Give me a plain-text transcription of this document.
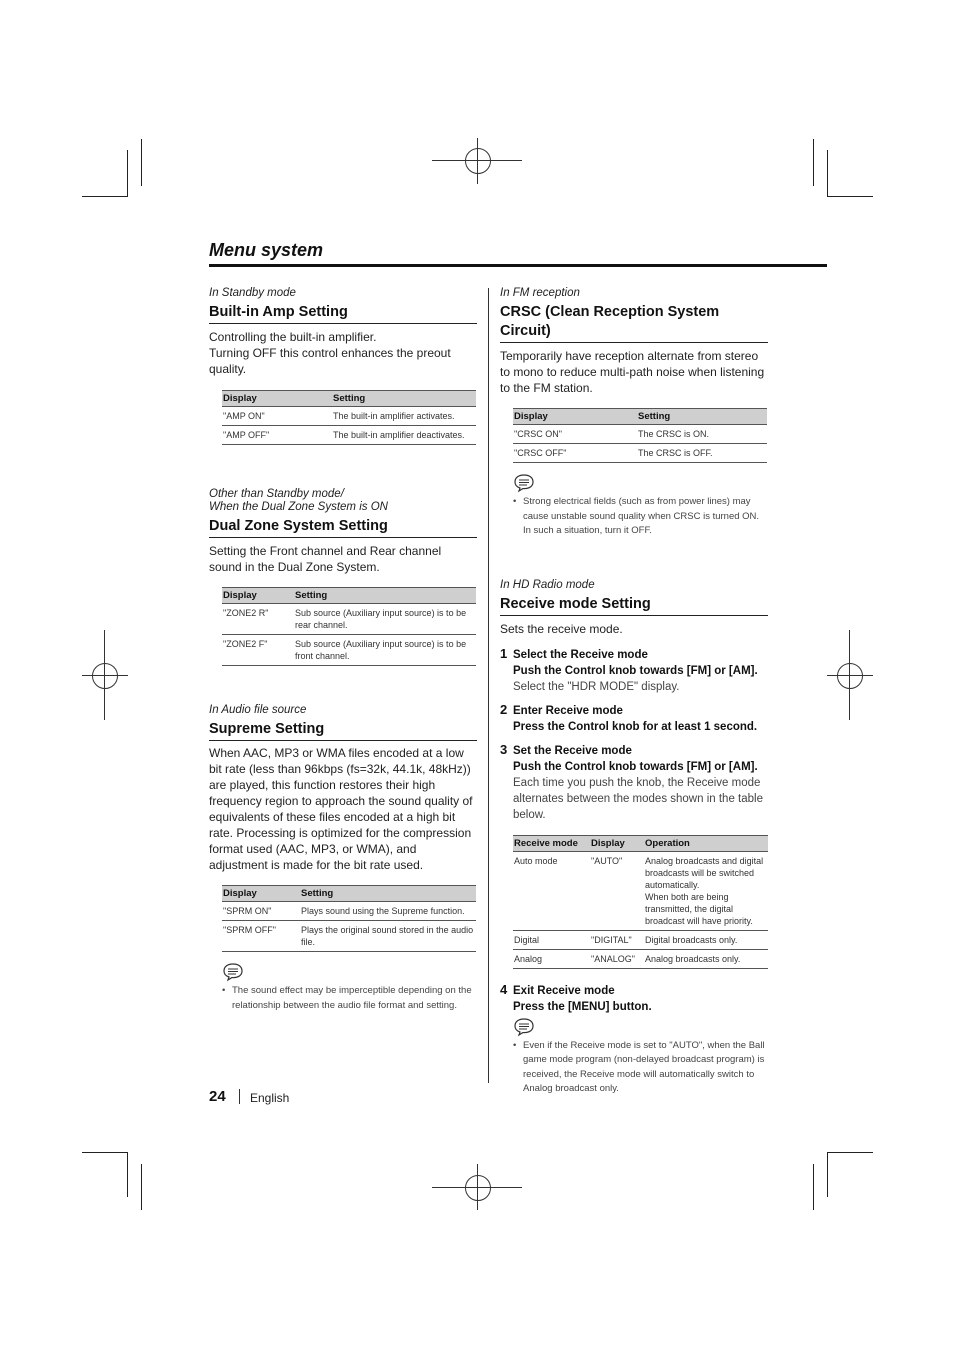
Menu system
In Standby mode
Built-in Amp Setting
Controlling the built-in amplifier.
Turning OFF this control enhances the preout quality.
Display	Setting
"AMP ON"	The built-in amplifier activates.
"AMP OFF"	The built-in amplifier deactivates.
Other than Standby mode/
When the Dual Zone System is ON
Dual Zone System Setting
Setting the Front channel and Rear channel sound in the Dual Zone System.
Display	Setting
"ZONE2 R"	Sub source (Auxiliary input source) is to be rear channel.
"ZONE2 F"	Sub source (Auxiliary input source) is to be front channel.
In Audio file source
Supreme Setting
When AAC, MP3 or WMA files encoded at a low bit rate (less than 96kbps (fs=32k, 44.1k, 48kHz)) are played, this function restores their high frequency region to approach the sound quality of equivalents of these files encoded at a high bit rate. Processing is optimized for the compression format used (AAC, MP3, or WMA), and adjustment is made for the bit rate used.
Display	Setting
"SPRM ON"	Plays sound using the Supreme function.
"SPRM OFF"	Plays the original sound stored in the audio file.
• The sound effect may be imperceptible depending on the relationship between the audio file format and setting.
In FM reception
CRSC (Clean Reception System Circuit)
Temporarily have reception alternate from stereo to mono to reduce multi-path noise when listening to the FM station.
Display	Setting
"CRSC ON"	The CRSC is ON.
"CRSC OFF"	The CRSC is OFF.
• Strong electrical fields (such as from power lines) may cause unstable sound quality when CRSC is turned ON. In such a situation, turn it OFF.
In HD Radio mode
Receive mode Setting
Sets the receive mode.
1 Select the Receive mode
Push the Control knob towards [FM] or [AM].
Select the "HDR MODE" display.
2 Enter Receive mode
Press the Control knob for at least 1 second.
3 Set the Receive mode
Push the Control knob towards [FM] or [AM].
Each time you push the knob, the Receive mode alternates between the modes shown in the table below.
Receive mode	Display	Operation
Auto mode	"AUTO"	Analog broadcasts and digital broadcasts will be switched automatically.
When both are being transmitted, the digital broadcast will have priority.

Digital	"DIGITAL"	Digital broadcasts only.
Analog	"ANALOG"	Analog broadcasts only.
4 Exit Receive mode
Press the [MENU] button.
• Even if the Receive mode is set to "AUTO", when the Ball game mode program (non-delayed broadcast program) is received, the Receive mode will automatically switch to Analog broadcast only.
24 English
